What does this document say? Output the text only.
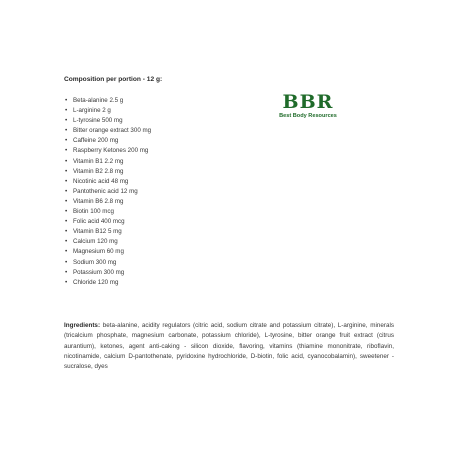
Composition per portion - 12 g:
• Beta-alanine 2.5 g
• L-arginine 2 g
• L-tyrosine 500 mg
• Bitter orange extract 300 mg
• Caffeine 200 mg
• Raspberry Ketones 200 mg
• Vitamin B1 2.2 mg
• Vitamin B2 2.8 mg
• Nicotinic acid 48 mg
• Pantothenic acid 12 mg
• Vitamin B6 2.8 mg
• Biotin 100 mcg
• Folic acid 400 mcg
• Vitamin B12 5 mg
• Calcium 120 mg
• Magnesium 60 mg
• Sodium 300 mg
• Potassium 300 mg
• Chloride 120 mg
BBR
Best Body Resources

Ingredients: beta-alanine, acidity regulators (citric acid, sodium citrate and potassium citrate), L-arginine, minerals (tricalcium phosphate, magnesium carbonate, potassium chloride), L-tyrosine, bitter orange fruit extract (citrus aurantium), ketones, agent anti-caking - silicon dioxide, flavoring, vitamins (thiamine mononitrate, riboflavin, nicotinamide, calcium D-pantothenate, pyridoxine hydrochloride, D-biotin, folic acid, cyanocobalamin), sweetener - sucralose, dyes
